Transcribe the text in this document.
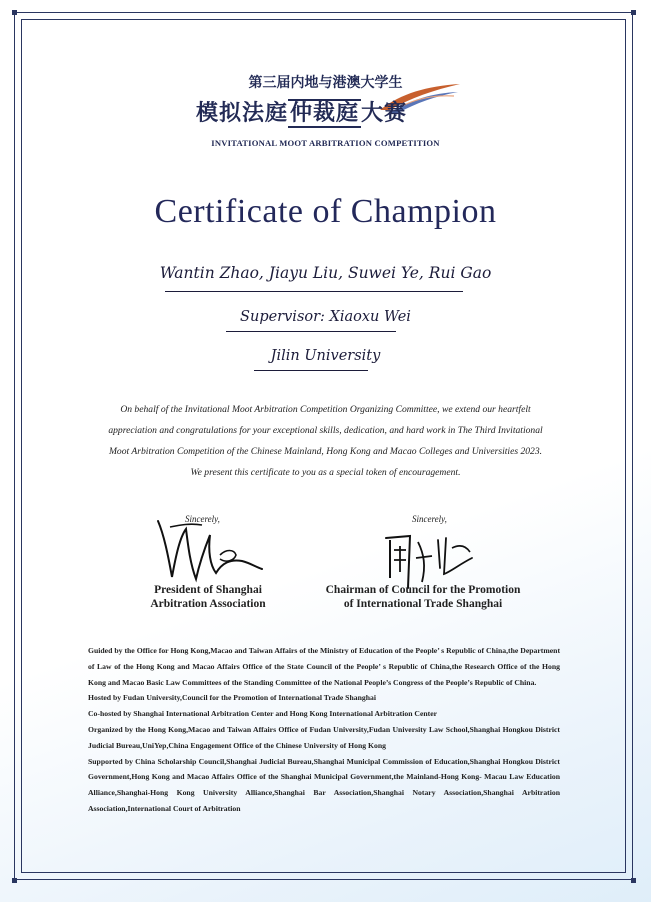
第三届内地与港澳大学生
模拟法庭仲裁庭大赛
INVITATIONAL MOOT ARBITRATION COMPETITION
Certificate of Champion
Wantin Zhao, Jiayu Liu, Suwei Ye, Rui Gao
Supervisor: Xiaoxu Wei
Jilin University
On behalf of the Invitational Moot Arbitration Competition Organizing Committee, we extend our heartfelt
appreciation and congratulations for your exceptional skills, dedication, and hard work in The Third Invitational
Moot Arbitration Competition of the Chinese Mainland, Hong Kong and Macao Colleges and Universities 2023.
We present this certificate to you as a special token of encouragement.
Sincerely,	Sincerely,
President of Shanghai
Arbitration Association
Chairman of Council for the Promotion
of International Trade Shanghai

Guided by the Office for Hong Kong,Macao and Taiwan Affairs of the Ministry of Education of the People’ s Republic of China,the Department of Law of the Hong Kong and Macao Affairs Office of the State Council of the People’ s Republic of China,the Research Office of the Hong Kong and Macao Basic Law Committees of the Standing Committee of the National People’s Congress of the People’s Republic of China.

Hosted by Fudan University,Council for the Promotion of International Trade Shanghai

Co-hosted by Shanghai International Arbitration Center and Hong Kong International Arbitration Center

Organized by the Hong Kong,Macao and Taiwan Affairs Office of Fudan University,Fudan University Law School,Shanghai Hongkou District Judicial Bureau,UniYep,China Engagement Office of the Chinese University of Hong Kong

Supported by China Scholarship Council,Shanghai Judicial Bureau,Shanghai Municipal Commission of Education,Shanghai Hongkou District Government,Hong Kong and Macao Affairs Office of the Shanghai Municipal Government,the Mainland-Hong Kong- Macau Law Education Alliance,Shanghai-Hong Kong University Alliance,Shanghai Bar Association,Shanghai Notary Association,Shanghai Arbitration Association,International Court of Arbitration
